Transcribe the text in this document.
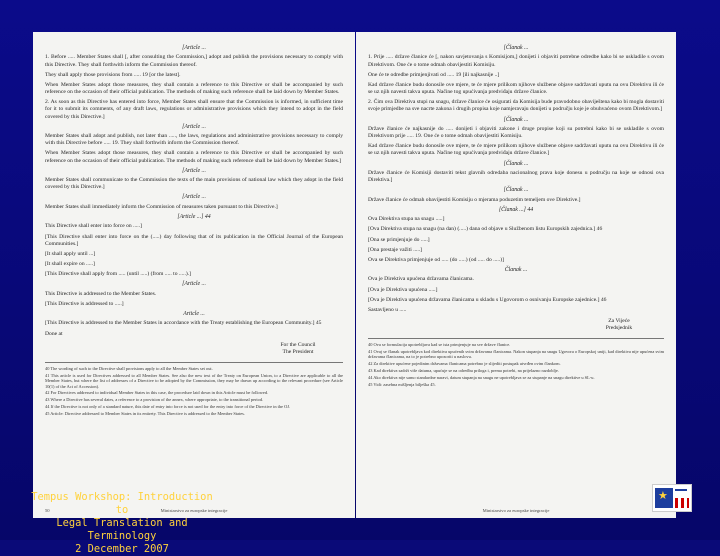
[Article ...
1. Before ..... Member States shall [, after consulting the Commission,] adopt and publish the provisions necessary to comply with this Directive. They shall forthwith inform the Commission thereof.
They shall apply those provisions from ..... 19 [or the latest].
When Member States adopt those measures, they shall contain a reference to this Directive or shall be accompanied by such reference on the occasion of their official publication. The methods of making such reference shall be laid down by Member States.
2. As soon as this Directive has entered into force, Member States shall ensure that the Commission is informed, in sufficient time for it to submit its comments, of any draft laws, regulations or administrative provisions which they intend to adopt in the field covered by this Directive.]
[Article ...
Member States shall adopt and publish, not later than ....., the laws, regulations and administrative provisions necessary to comply with this Directive before ..... 19. They shall forthwith inform the Commission thereof.
When Member States adopt those measures, they shall contain a reference to this Directive or shall be accompanied by such reference on the occasion of their official publication. The methods of making such reference shall be laid down by Member States.]
[Article ...
Member States shall communicate to the Commission the texts of the main provisions of national law which they adopt in the field covered by this Directive.]
[Article ...
Member States shall immediately inform the Commission of measures taken pursuant to this Directive.]
[Article ...] 44
This Directive shall enter into force on .....]
[This Directive shall enter into force on the (.....) day following that of its publication in the Official Journal of the European Communities.]
[It shall apply until ...]
[It shall expire on .....]
[This Directive shall apply from ..... (until .....) (from ..... to .....).]
[Article ...
This Directive is addressed to the Member States.
[This Directive is addressed to .....]
Article ...
[This Directive is addressed to the Member States in accordance with the Treaty establishing the European Community.] 45
Done at
For the Council
The President
40 The wording of such to the Directive shall provisions apply to all the Member States set out.
41 This article is used for Directives addressed to all Member States. See also the new text of the Treaty on European Union, to a Directive are applicable to all the Member States, but where the list of addresses of a Directive to be adopted by the Commission, they may be drawn up according to the relevant procedure (see Article 10(1) of the Act of Accession).
42 For Directives addressed to individual Member States in this case, the procedure laid down in this Article must be followed.
43 Where a Directive has several dates, a reference to a provision of the annex, where appropriate, to the transitional period.
44 If the Directive is not only of a standard nature, this date of entry into force is not used for the entry into force of the Directive in the OJ.
45 Article: Directive addressed to Member States in its entirety. This Directive is addressed to the Member States.
50	Ministarstvo za europske integracije
[Članak ...
1. Prije ..... države članice će [, nakon savjetovanja s Komisijom,] donijeti i objaviti potrebne odredbe kako bi se uskladile s ovom Direktivom. One će o tome odmah obavijestiti Komisiju.
One će te odredbe primjenjivati od ..... 19 [ili najkasnije ..]
Kad države članice budu donosile ove mjere, te će mjere prilikom njihove službene objave sadržavati uputu na ovu Direktivu ili će se uz njih navesti takva uputa. Načine tog upućivanja predviđaju države članice.
2. Čim ova Direktiva stupi na snagu, države članice će osigurati da Komisija bude pravodobno obaviještena kako bi mogla dostaviti svoje primjedbe na sve nacrte zakona i drugih propisa koje namjeravaju donijeti u području koje je obuhvaćeno ovom Direktivom.]
[Članak ...
Države članice će najkasnije do ..... donijeti i objaviti zakone i druge propise koji su potrebni kako bi se uskladile s ovom Direktivom prije ..... 19. One će o tome odmah obavijestiti Komisiju.
Kad države članice budu donosile ove mjere, te će mjere prilikom njihove službene objave sadržavati uputu na ovu Direktivu ili će se uz njih navesti takva uputa. Načine tog upućivanja predviđaju države članice.]
[Članak ...
Države članice će Komisiji dostaviti tekst glavnih odredaba nacionalnog prava koje donesu u području na koje se odnosi ova Direktiva.]
[Članak ...
Države članice će odmah obavijestiti Komisiju o mjerama poduzetim temeljem ove Direktive.]
[Članak ...] 44
Ova Direktiva stupa na snagu .....]
[Ova Direktiva stupa na snagu (na dan) (.....) dana od objave u Službenom listu Europskih zajednica.] 46
[Ona se primjenjuje do .....]
[Ona prestaje važiti .....]
Ova se Direktiva primjenjuje od ..... (do .....) (od ..... do .....)]
Članak ...
Ova je Direktiva upućena državama članicama.
[Ova je Direktiva upućena .....]
[Ova je Direktiva upućena državama članicama u skladu s Ugovorom o osnivanju Europske zajednice.] 46
Sastavljeno u .....
Za Vijeće
Predsjednik
40 Ova se formulacija upotrebljava kad se ista primjenjuje na sve države članice.
41 Ovaj se članak upotrebljava kod direktiva upućenih svim državama članicama. Nakon stupanja na snagu Ugovora o Europskoj uniji, kad direktiva nije upućena svim državama članicama, na to je potrebno upozoriti u naslovu.
42 Za direktive upućene pojedinim državama članicama potrebno je slijediti postupak utvrđen ovim člankom.
43 Kad direktiva sadrži više datuma, upućuje se na odredbu priloga i, prema potrebi, na prijelazno razdoblje.
44 Ako direktiva nije samo standardne naravi, datum stupanja na snagu ne upotrebljava se za stupanje na snagu direktive u SL-u.
45 Vidi: zasebna mišljenja bilješka 45.
Ministarstvo za europske integracije
Tempus Workshop: Introduction to
Legal Translation and Terminology
2 December 2007
★
